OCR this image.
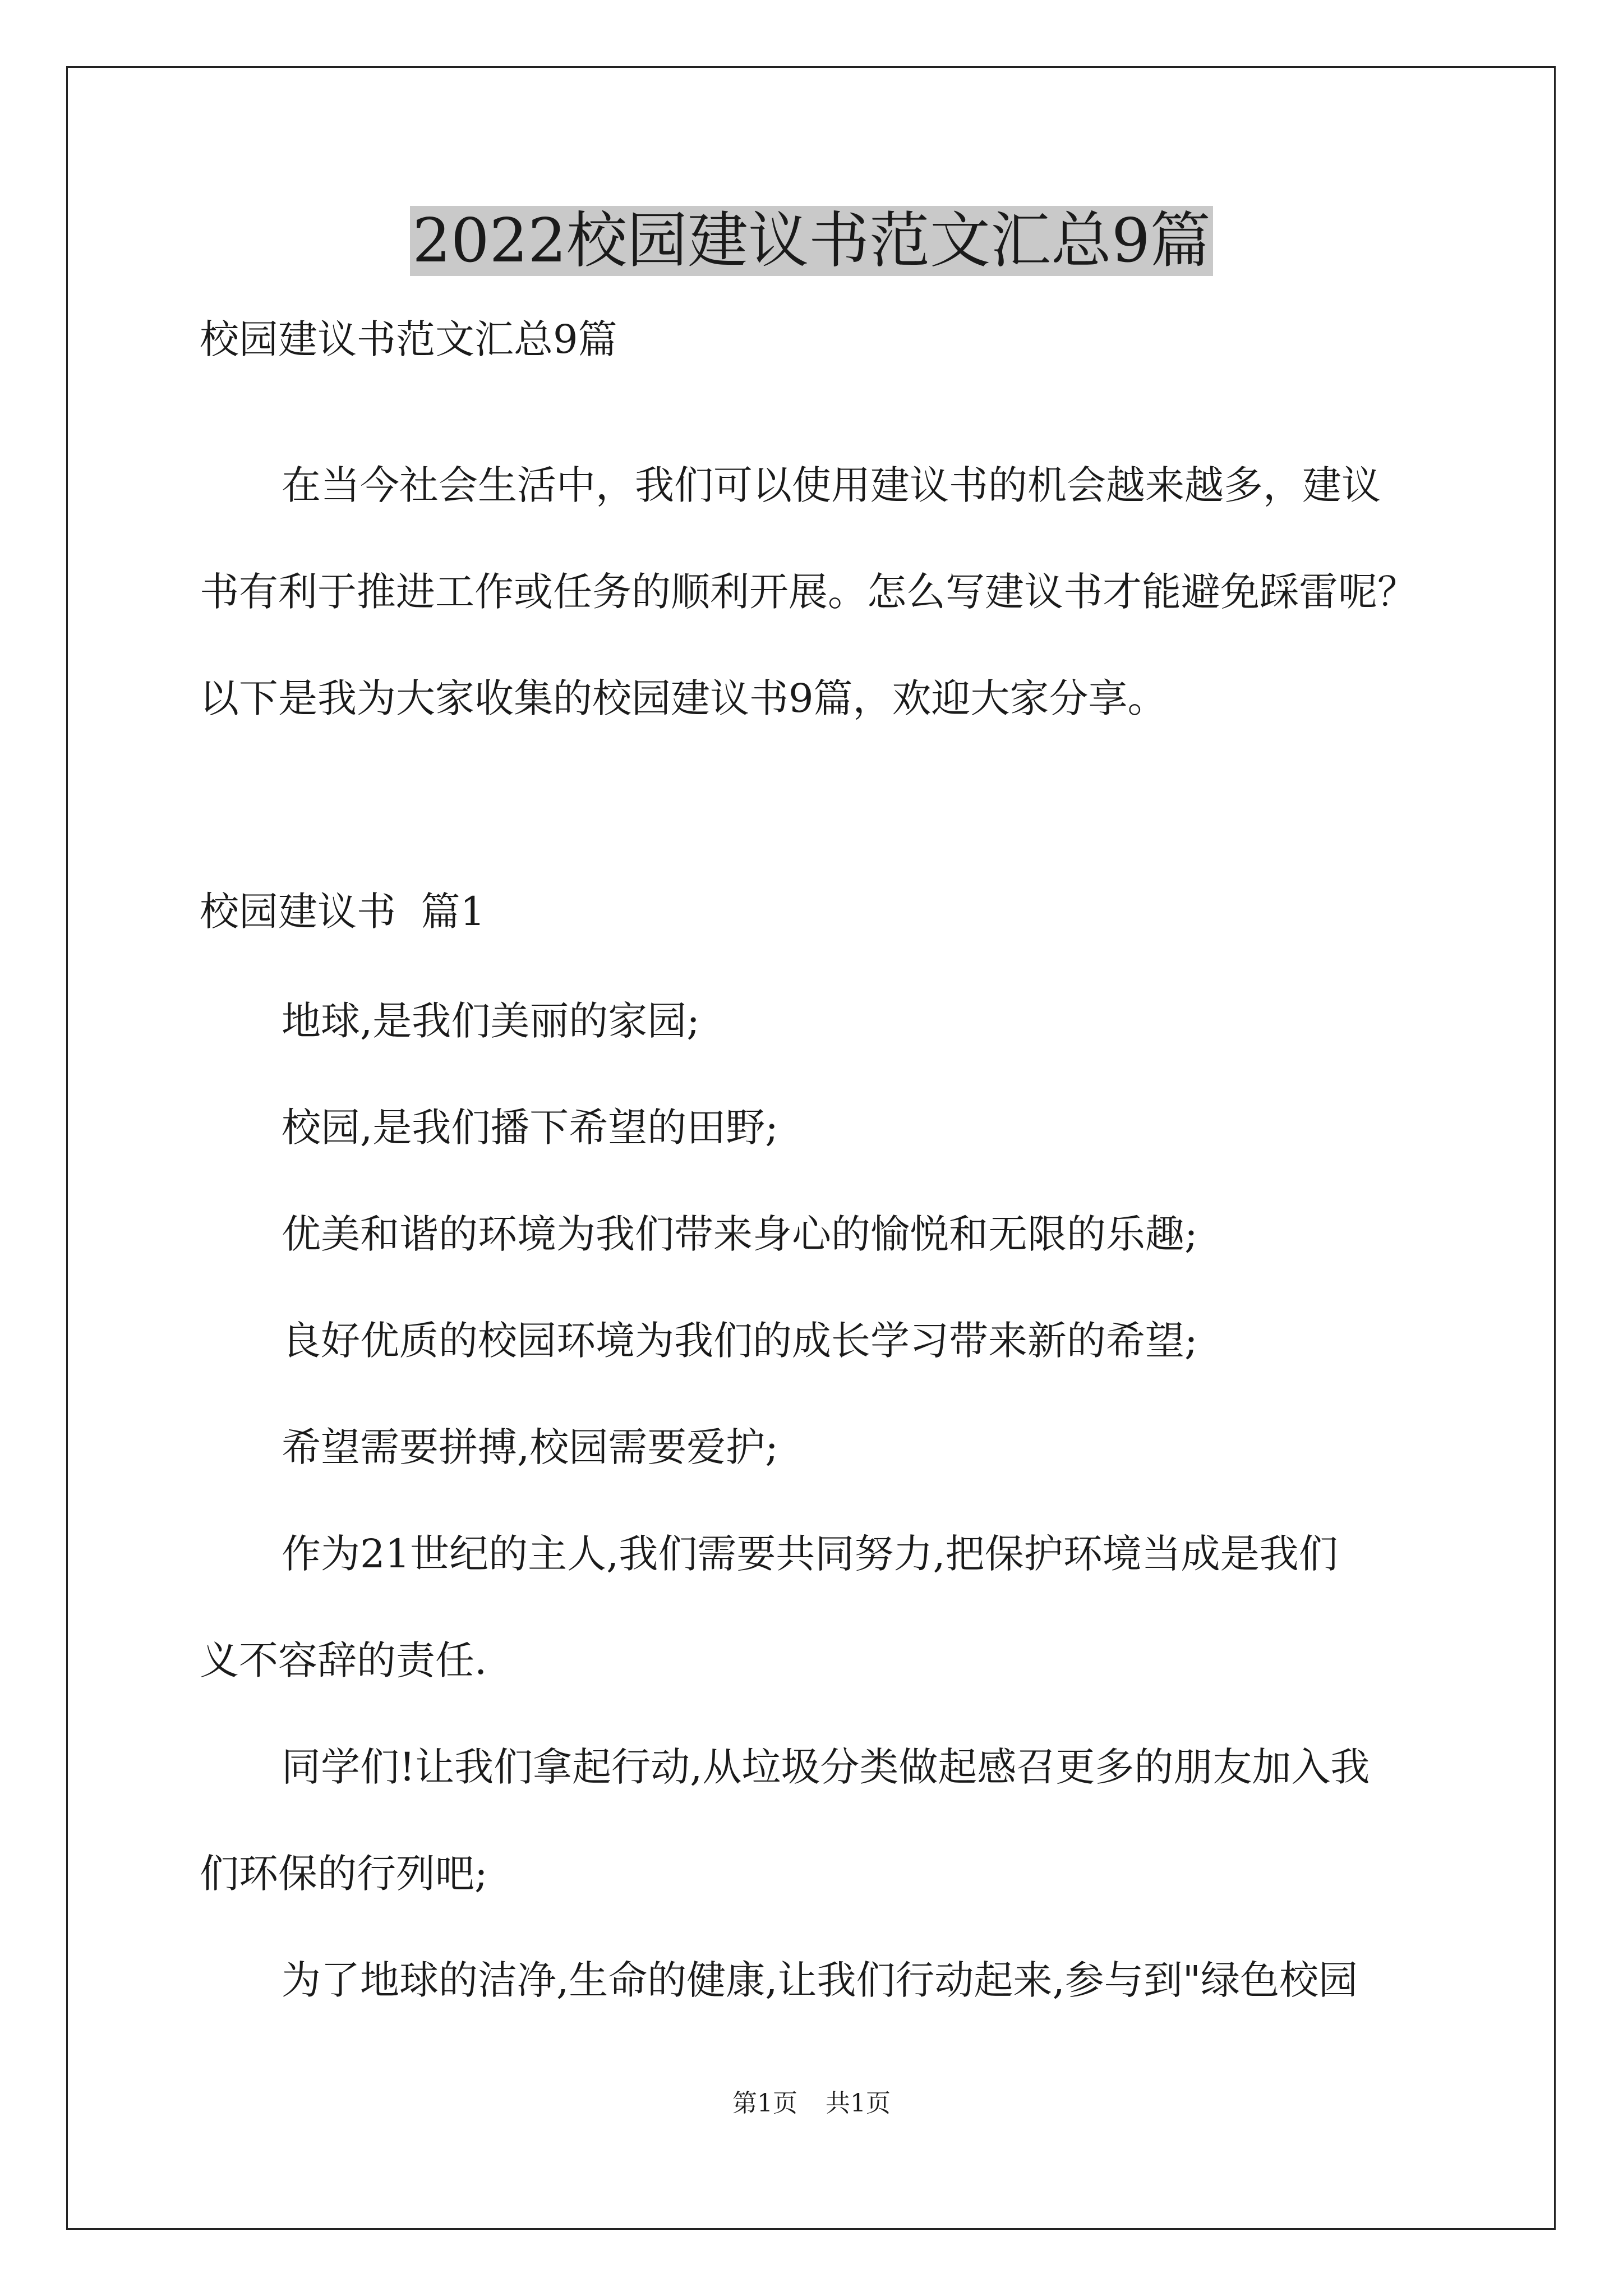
2022校园建议书范文汇总9篇

校园建议书范文汇总9篇

在当今社会生活中，我们可以使用建议书的机会越来越多，建议

书有利于推进工作或任务的顺利开展。怎么写建议书才能避免踩雷呢？

以下是我为大家收集的校园建议书9篇，欢迎大家分享。

校园建议书  篇1

地球,是我们美丽的家园;

校园,是我们播下希望的田野;

优美和谐的环境为我们带来身心的愉悦和无限的乐趣;

良好优质的校园环境为我们的成长学习带来新的希望;

希望需要拼搏,校园需要爱护;

作为21世纪的主人,我们需要共同努力,把保护环境当成是我们

义不容辞的责任.

同学们!让我们拿起行动,从垃圾分类做起感召更多的朋友加入我

们环保的行列吧;

为了地球的洁净,生命的健康,让我们行动起来,参与到"绿色校园

第1页 共1页
